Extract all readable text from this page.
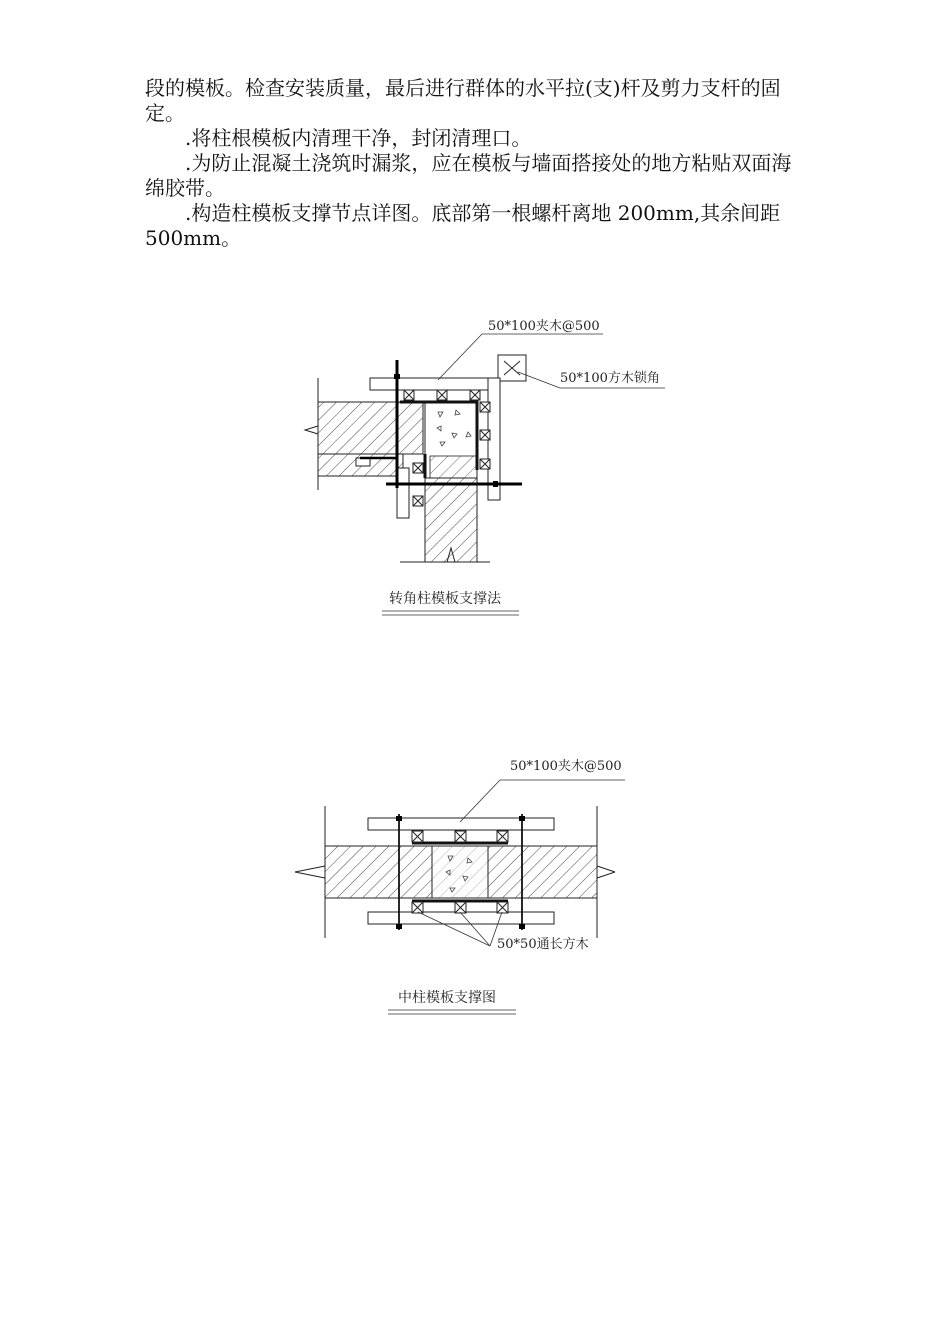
段的模板。检查安装质量，最后进行群体的水平拉(支)杆及剪力支杆的固定。

.将柱根模板内清理干净，封闭清理口。

.为防止混凝土浇筑时漏浆，应在模板与墙面搭接处的地方粘贴双面海绵胶带。

.构造柱模板支撑节点详图。底部第一根螺杆离地 200mm,其余间距 500mm。

50*100夹木@500
50*100方木锁角
转角柱模板支撑法
50*100夹木@500
50*50通长方木
中柱模板支撑图
